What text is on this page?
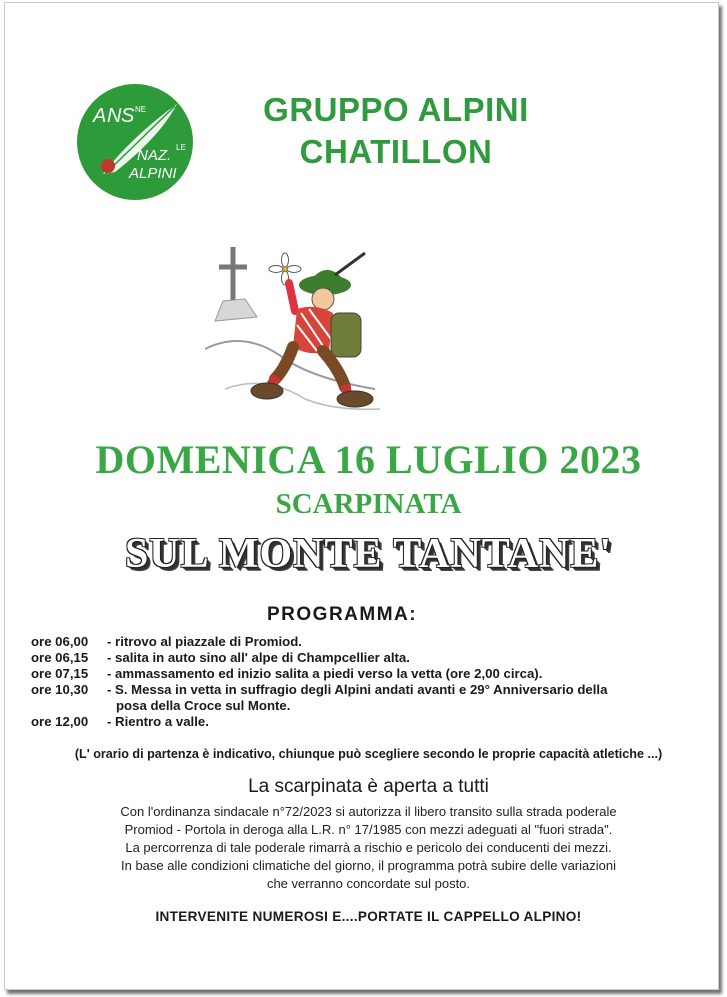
A N S NE
NAZ. LE
ALPINI
GRUPPO ALPINI
CHATILLON
DOMENICA 16 LUGLIO 2023
SCARPINATA
SUL MONTE TANTANE'
PROGRAMMA:
ore 06,00	- ritrovo al piazzale di Promiod.
ore 06,15	- salita in auto sino all' alpe di Champcellier alta.
ore 07,15	- ammassamento ed inizio salita a piedi verso la vetta (ore 2,00 circa).
ore 10,30	- S. Messa in vetta in suffragio degli Alpini andati avanti e 29° Anniversario della
posa della Croce sul Monte.
ore 12,00	- Rientro a valle.
(L' orario di partenza è indicativo, chiunque può scegliere secondo le proprie capacità atletiche ...)
La scarpinata è aperta a tutti
Con l'ordinanza sindacale n°72/2023 si autorizza il libero transito sulla strada poderale
Promiod - Portola in deroga alla L.R. n° 17/1985 con mezzi adeguati al "fuori strada".
La percorrenza di tale poderale rimarrà a rischio e pericolo dei conducenti dei mezzi.
In base alle condizioni climatiche del giorno, il programma potrà subire delle variazioni
che verranno concordate sul posto.
INTERVENITE NUMEROSI E....PORTATE IL CAPPELLO ALPINO!
